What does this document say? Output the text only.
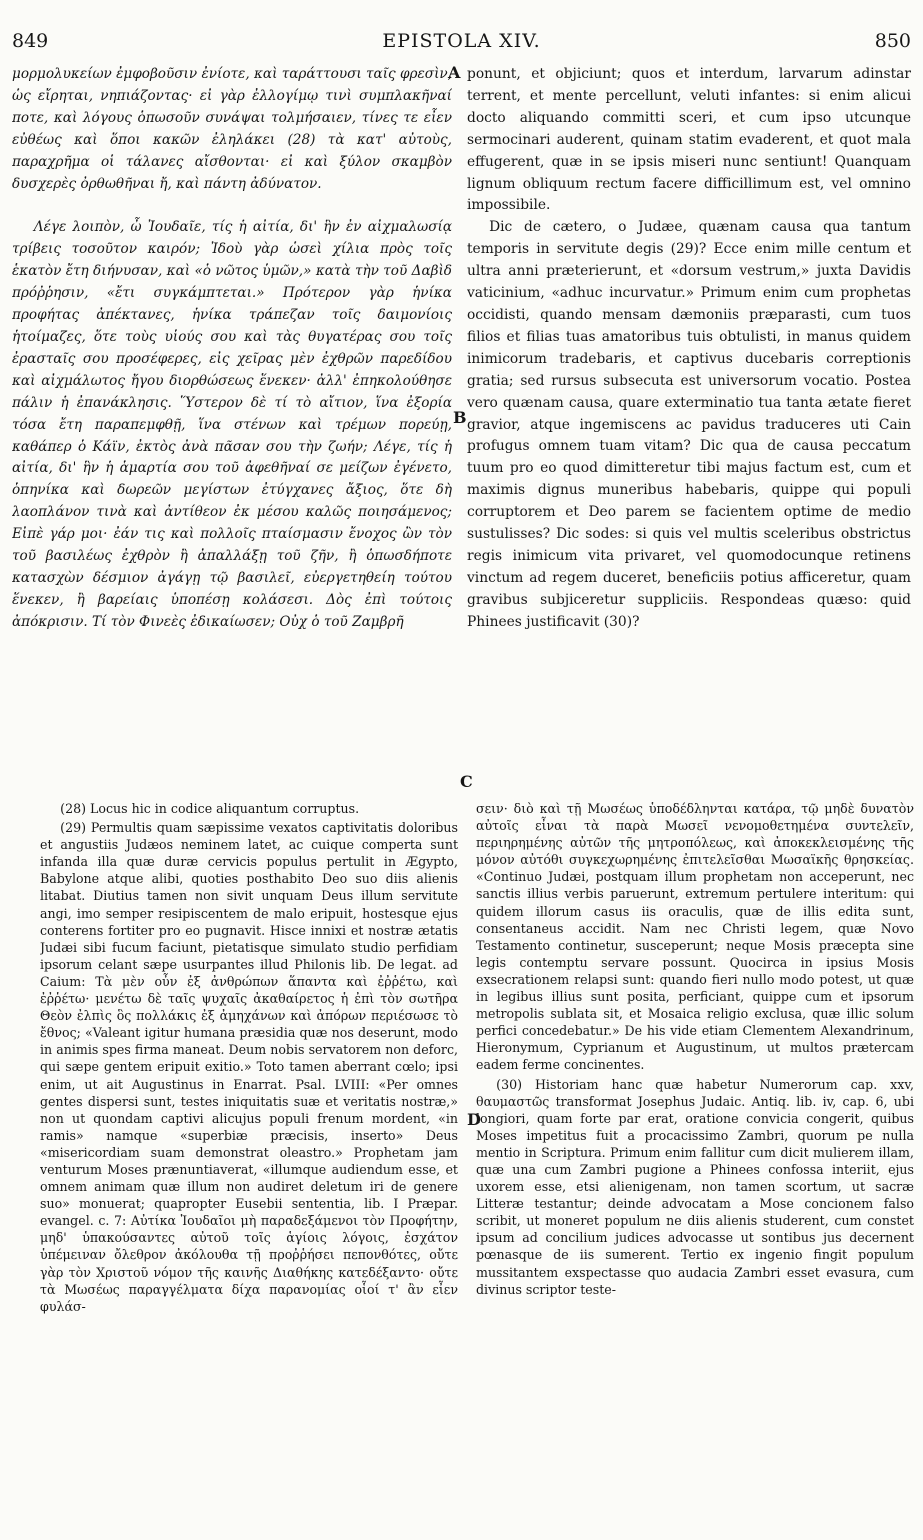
849	EPISTOLA XIV.	850

μορμολυκείων ἐμφοβοῦσιν ἐνίοτε, καὶ ταράττουσι ταῖς φρεσὶν, ὡς εἴρηται, νηπιάζοντας· εἰ γὰρ ἐλλογίμῳ τινὶ συμπλακῆναί ποτε, καὶ λόγους ὁπωσοῦν συνάψαι τολμήσαιεν, τίνες τε εἶεν εὐθέως καὶ ὅποι κακῶν ἐληλάκει (28) τὰ κατ' αὐτοὺς, παραχρῆμα οἱ τάλανες αἴσθονται· εἰ καὶ ξύλον σκαμβὸν δυσχερὲς ὀρθωθῆναι ἤ, καὶ πάντη ἀδύνατον.

Λέγε λοιπὸν, ὦ Ἰουδαῖε, τίς ἡ αἰτία, δι' ἣν ἐν αἰχμαλωσίᾳ τρίβεις τοσοῦτον καιρόν; Ἰδοὺ γὰρ ὡσεὶ χίλια πρὸς τοῖς ἑκατὸν ἔτη διήνυσαν, καὶ «ὁ νῶτος ὑμῶν,» κατὰ τὴν τοῦ Δαβὶδ πρόῤῥησιν, «ἔτι συγκάμπτεται.» Πρότερον γὰρ ἡνίκα προφήτας ἀπέκτανες, ἡνίκα τράπεζαν τοῖς δαιμονίοις ἡτοίμαζες, ὅτε τοὺς υἱούς σου καὶ τὰς θυγατέρας σου τοῖς ἐρασταῖς σου προσέφερες, εἰς χεῖρας μὲν ἐχθρῶν παρεδίδου καὶ αἰχμάλωτος ἤγου διορθώσεως ἕνεκεν· ἀλλ' ἐπηκολούθησε πάλιν ἡ ἐπανάκλησις. Ὕστερον δὲ τί τὸ αἴτιον, ἵνα ἐξορία τόσα ἔτη παραπεμφθῇ, ἵνα στένων καὶ τρέμων πορεύῃ, καθάπερ ὁ Κάϊν, ἐκτὸς ἀνὰ πᾶσαν σου τὴν ζωήν; Λέγε, τίς ἡ αἰτία, δι' ἣν ἡ ἁμαρτία σου τοῦ ἀφεθῆναί σε μείζων ἐγένετο, ὁπηνίκα καὶ δωρεῶν μεγίστων ἐτύγχανες ἄξιος, ὅτε δὴ λαοπλάνον τινὰ καὶ ἀντίθεον ἐκ μέσου καλῶς ποιησάμενος; Εἰπὲ γάρ μοι· ἐάν τις καὶ πολλοῖς πταίσμασιν ἔνοχος ὢν τὸν τοῦ βασιλέως ἐχθρὸν ἢ ἀπαλλάξῃ τοῦ ζῆν, ἢ ὁπωσδήποτε κατασχὼν δέσμιον ἀγάγῃ τῷ βασιλεῖ, εὐεργετηθείη τούτου ἕνεκεν, ἢ βαρείαις ὑποπέσῃ κολάσεσι. Δὸς ἐπὶ τούτοις ἀπόκρισιν. Τί τὸν Φινεὲς ἐδικαίωσεν; Οὐχ ὁ τοῦ Ζαμβρῆ

A
B
C
D

ponunt, et objiciunt; quos et interdum, larvarum adinstar terrent, et mente percellunt, veluti infantes: si enim alicui docto aliquando committi sceri, et cum ipso utcunque sermocinari auderent, quinam statim evaderent, et quot mala effugerent, quæ in se ipsis miseri nunc sentiunt! Quanquam lignum obliquum rectum facere difficillimum est, vel omnino impossibile.

Dic de cætero, o Judæe, quænam causa qua tantum temporis in servitute degis (29)? Ecce enim mille centum et ultra anni præterierunt, et «dorsum vestrum,» juxta Davidis vaticinium, «adhuc incurvatur.» Primum enim cum prophetas occidisti, quando mensam dæmoniis præparasti, cum tuos filios et filias tuas amatoribus tuis obtulisti, in manus quidem inimicorum tradebaris, et captivus ducebaris correptionis gratia; sed rursus subsecuta est universorum vocatio. Postea vero quænam causa, quare exterminatio tua tanta ætate fieret gravior, atque ingemiscens ac pavidus traduceres uti Cain profugus omnem tuam vitam? Dic qua de causa peccatum tuum pro eo quod dimitteretur tibi majus factum est, cum et maximis dignus muneribus habebaris, quippe qui populi corruptorem et Deo parem se facientem optime de medio sustulisses? Dic sodes: si quis vel multis sceleribus obstrictus regis inimicum vita privaret, vel quomodocunque retinens vinctum ad regem duceret, beneficiis potius afficeretur, quam gravibus subjiceretur suppliciis. Respondeas quæso: quid Phinees justificavit (30)?

(28) Locus hic in codice aliquantum corruptus.

(29) Permultis quam sæpissime vexatos captivitatis doloribus et angustiis Judæos neminem latet, ac cuique comperta sunt infanda illa quæ duræ cervicis populus pertulit in Ægypto, Babylone atque alibi, quoties posthabito Deo suo diis alienis litabat. Diutius tamen non sivit unquam Deus illum servitute angi, imo semper resipiscentem de malo eripuit, hostesque ejus conterens fortiter pro eo pugnavit. Hisce innixi et nostræ ætatis Judæi sibi fucum faciunt, pietatisque simulato studio perfidiam ipsorum celant sæpe usurpantes illud Philonis lib. De legat. ad Caium: Τὰ μὲν οὖν ἐξ ἀνθρώπων ἅπαντα καὶ ἐῤῥέτω, καὶ ἐῤῥέτω· μενέτω δὲ ταῖς ψυχαῖς ἀκαθαίρετος ἡ ἐπὶ τὸν σωτῆρα Θεὸν ἐλπὶς ὃς πολλάκις ἐξ ἀμηχάνων καὶ ἀπόρων περιέσωσε τὸ ἔθνος; «Valeant igitur humana præsidia quæ nos deserunt, modo in animis spes firma maneat. Deum nobis servatorem non deforc, qui sæpe gentem eripuit exitio.» Toto tamen aberrant cœlo; ipsi enim, ut ait Augustinus in Enarrat. Psal. LVIII: «Per omnes gentes dispersi sunt, testes iniquitatis suæ et veritatis nostræ,» non ut quondam captivi alicujus populi frenum mordent, «in ramis» namque «superbiæ præcisis, inserto» Deus «misericordiam suam demonstrat oleastro.» Prophetam jam venturum Moses prænuntiaverat, «illumque audiendum esse, et omnem animam quæ illum non audiret deletum iri de genere suo» monuerat; quapropter Eusebii sententia, lib. I Præpar. evangel. c. 7: Αὐτίκα Ἰουδαῖοι μὴ παραδεξάμενοι τὸν Προφήτην, μηδ' ὑπακούσαντες αὐτοῦ τοῖς ἁγίοις λόγοις, ἐσχάτον ὑπέμειναν ὄλεθρον ἀκόλουθα τῇ προῤῥήσει πεπονθότες, οὔτε γὰρ τὸν Χριστοῦ νόμον τῆς καινῆς Διαθήκης κατεδέξαντο· οὔτε τὰ Μωσέως παραγγέλματα δίχα παρανομίας οἷοί τ' ἂν εἶεν φυλάσ-

σειν· διὸ καὶ τῇ Μωσέως ὑποδέδληνται κατάρα, τῷ μηδὲ δυνατὸν αὐτοῖς εἶναι τὰ παρὰ Μωσεῖ νενομοθετημένα συντελεῖν, περιηρημένης αὐτῶν τῆς μητροπόλεως, καὶ ἀποκεκλεισμένης τῆς μόνον αὐτόθι συγκεχωρημένης ἐπιτελεῖσθαι Μωσαϊκῆς θρησκείας. «Continuo Judæi, postquam illum prophetam non acceperunt, nec sanctis illius verbis paruerunt, extremum pertulere interitum: qui quidem illorum casus iis oraculis, quæ de illis edita sunt, consentaneus accidit. Nam nec Christi legem, quæ Novo Testamento continetur, susceperunt; neque Mosis præcepta sine legis contemptu servare possunt. Quocirca in ipsius Mosis exsecrationem relapsi sunt: quando fieri nullo modo potest, ut quæ in legibus illius sunt posita, perficiant, quippe cum et ipsorum metropolis sublata sit, et Mosaica religio exclusa, quæ illic solum perfici concedebatur.» De his vide etiam Clementem Alexandrinum, Hieronymum, Cyprianum et Augustinum, ut multos prætercam eadem ferme concinentes.

(30) Historiam hanc quæ habetur Numerorum cap. xxv, θαυμαστῶς transformat Josephus Judaic. Antiq. lib. iv, cap. 6, ubi longiori, quam forte par erat, oratione convicia congerit, quibus Moses impetitus fuit a procacissimo Zambri, quorum pe nulla mentio in Scriptura. Primum enim fallitur cum dicit mulierem illam, quæ una cum Zambri pugione a Phinees confossa interiit, ejus uxorem esse, etsi alienigenam, non tamen scortum, ut sacræ Litteræ testantur; deinde advocatam a Mose concionem falso scribit, ut moneret populum ne diis alienis studerent, cum constet ipsum ad concilium judices advocasse ut sontibus jus decernent pœnasque de iis sumerent. Tertio ex ingenio fingit populum mussitantem exspectasse quo audacia Zambri esset evasura, cum divinus scriptor teste-
